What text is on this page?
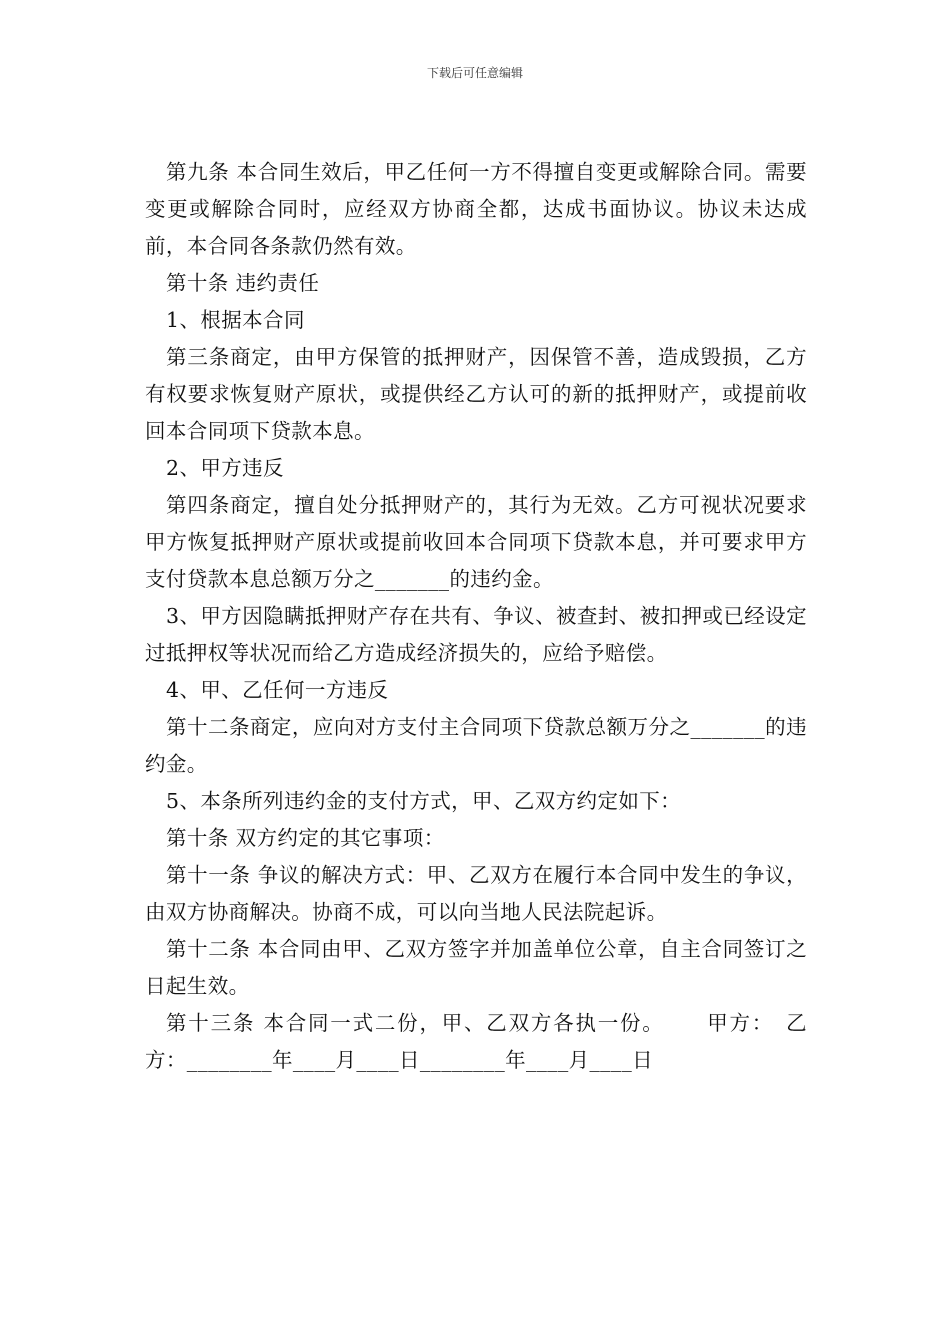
下载后可任意编辑

第九条 本合同生效后，甲乙任何一方不得擅自变更或解除合同。需要变更或解除合同时，应经双方协商全都，达成书面协议。协议未达成前，本合同各条款仍然有效。

第十条 违约责任

1、根据本合同

第三条商定，由甲方保管的抵押财产，因保管不善，造成毁损，乙方有权要求恢复财产原状，或提供经乙方认可的新的抵押财产，或提前收回本合同项下贷款本息。

2、甲方违反

第四条商定，擅自处分抵押财产的，其行为无效。乙方可视状况要求甲方恢复抵押财产原状或提前收回本合同项下贷款本息，并可要求甲方支付贷款本息总额万分之_______的违约金。

3、甲方因隐瞒抵押财产存在共有、争议、被查封、被扣押或已经设定过抵押权等状况而给乙方造成经济损失的，应给予赔偿。

4、甲、乙任何一方违反

第十二条商定，应向对方支付主合同项下贷款总额万分之_______的违约金。

5、本条所列违约金的支付方式，甲、乙双方约定如下：

第十条 双方约定的其它事项：

第十一条 争议的解决方式：甲、乙双方在履行本合同中发生的争议，由双方协商解决。协商不成，可以向当地人民法院起诉。

第十二条 本合同由甲、乙双方签字并加盖单位公章，自主合同签订之日起生效。

第十三条 本合同一式二份，甲、乙双方各执一份。　　 甲方：　乙方：________年____月____日________年____月____日
